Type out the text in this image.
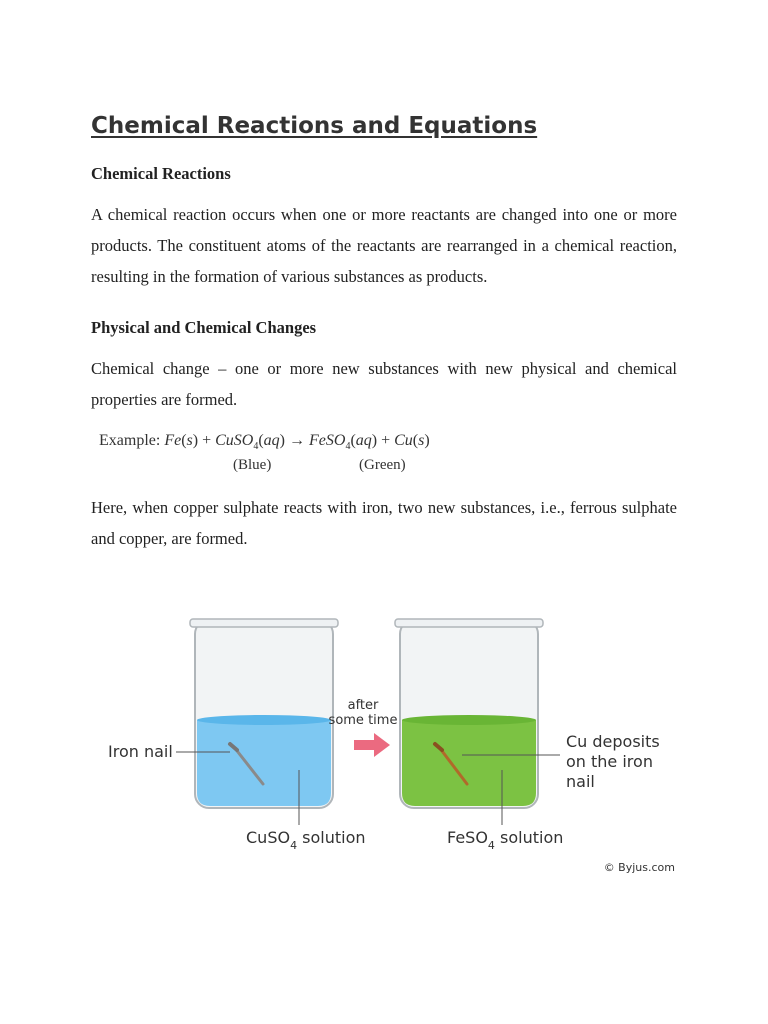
Chemical Reactions and Equations
Chemical Reactions

A chemical reaction occurs when one or more reactants are changed into one or more products. The constituent atoms of the reactants are rearranged in a chemical reaction, resulting in the formation of various substances as products.

Physical and Chemical Changes

Chemical change – one or more new substances with new physical and chemical properties are formed.

Example: Fe(s) + CuSO$_4$(aq) → FeSO$_4$(aq) + Cu(s)
(Blue)	(Green)

Here, when copper sulphate reacts with iron, two new substances, i.e., ferrous sulphate and copper, are formed.

after
some time
Iron nail
CuSO$_4$ solution
Cu deposits
on the iron
nail
FeSO$_4$ solution
© Byjus.com
